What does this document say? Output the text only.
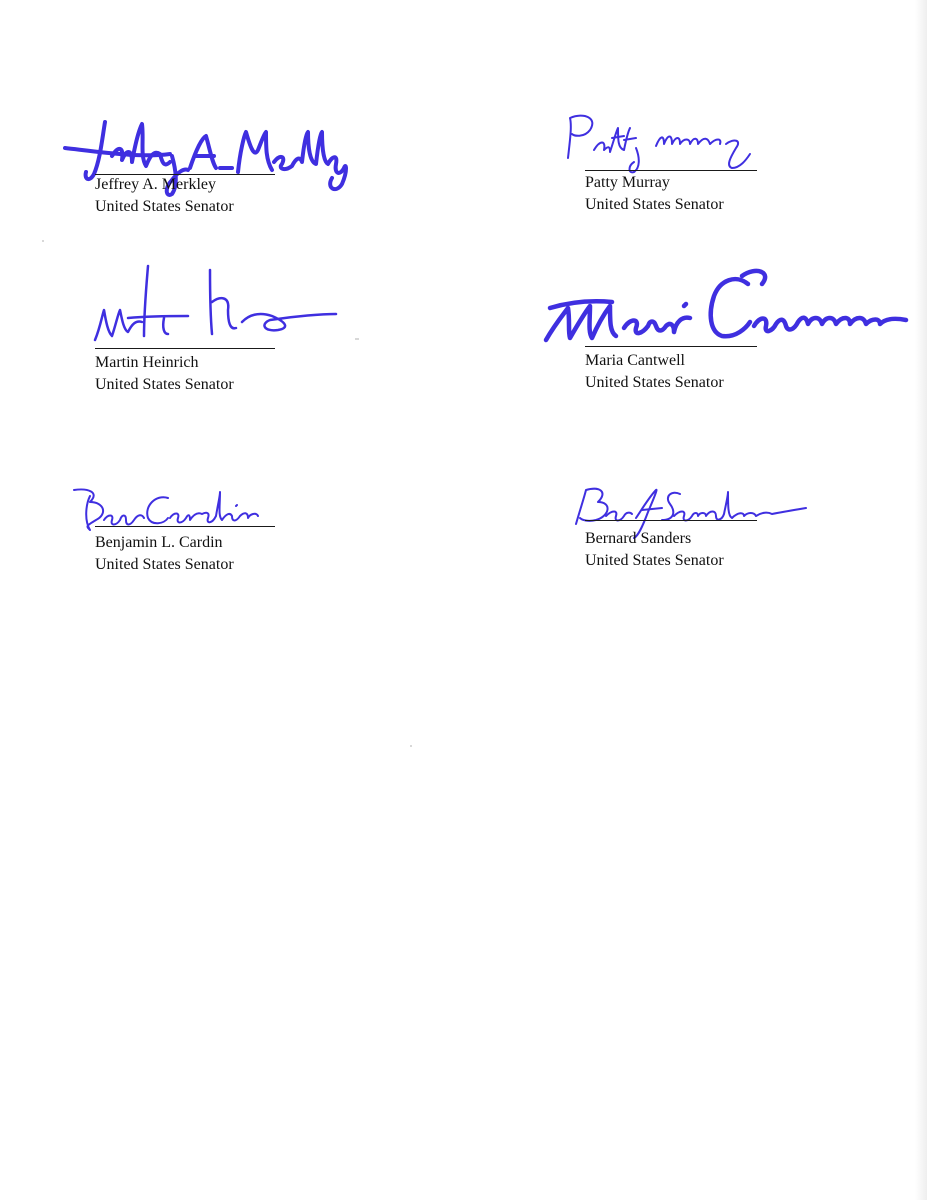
Jeffrey A. Merkley
United States Senator
Patty Murray
United States Senator
Martin Heinrich
United States Senator
Maria Cantwell
United States Senator
Benjamin L. Cardin
United States Senator
Bernard Sanders
United States Senator
